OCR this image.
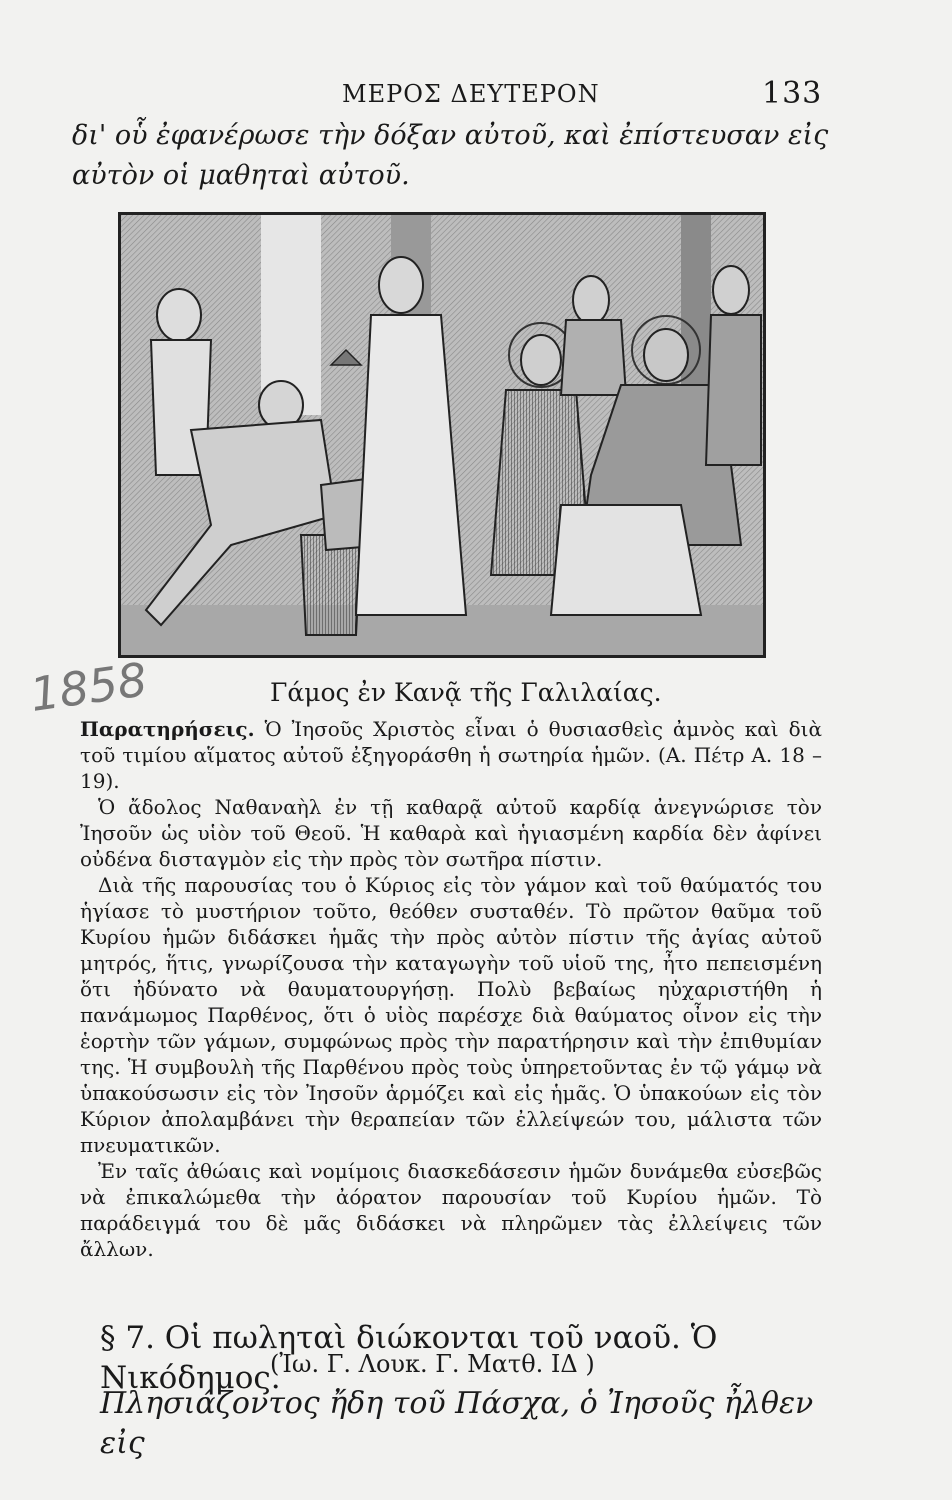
ΜΕΡΟΣ ΔΕΥΤΕΡΟΝ	133
δι' οὗ ἐφανέρωσε τὴν δόξαν αὐτοῦ, καὶ ἐπίστευσαν εἰς αὐτὸν οἱ μαθηταὶ αὐτοῦ.
1858	Γάμος ἐν Κανᾷ τῆς Γαλιλαίας.

Παρατηρήσεις. Ὁ Ἰησοῦς Χριστὸς εἶναι ὁ θυσιασθεὶς ἀμνὸς καὶ διὰ τοῦ τιμίου αἵματος αὐτοῦ ἐξηγοράσθη ἡ σωτηρία ἡμῶν. (Α. Πέτρ Α. 18 – 19).

Ὁ ἄδολος Ναθαναὴλ ἐν τῇ καθαρᾷ αὐτοῦ καρδίᾳ ἀνεγνώρισε τὸν Ἰησοῦν ὡς υἱὸν τοῦ Θεοῦ. Ἡ καθαρὰ καὶ ἡγιασμένη καρδία δὲν ἀφίνει οὐδένα δισταγμὸν εἰς τὴν πρὸς τὸν σωτῆρα πίστιν.

Διὰ τῆς παρουσίας του ὁ Κύριος εἰς τὸν γάμον καὶ τοῦ θαύματός του ἡγίασε τὸ μυστήριον τοῦτο, θεόθεν συσταθέν. Τὸ πρῶτον θαῦμα τοῦ Κυρίου ἡμῶν διδάσκει ἡμᾶς τὴν πρὸς αὐτὸν πίστιν τῆς ἁγίας αὐτοῦ μητρός, ἥτις, γνωρίζουσα τὴν καταγωγὴν τοῦ υἱοῦ της, ἦτο πεπεισμένη ὅτι ἠδύνατο νὰ θαυματουργήσῃ. Πολὺ βεβαίως ηὐχαριστήθη ἡ πανάμωμος Παρθένος, ὅτι ὁ υἱὸς παρέσχε διὰ θαύματος οἶνον εἰς τὴν ἑορτὴν τῶν γάμων, συμφώνως πρὸς τὴν παρατήρησιν καὶ τὴν ἐπιθυμίαν της. Ἡ συμβουλὴ τῆς Παρθένου πρὸς τοὺς ὑπηρετοῦντας ἐν τῷ γάμῳ νὰ ὑπακούσωσιν εἰς τὸν Ἰησοῦν ἁρμόζει καὶ εἰς ἡμᾶς. Ὁ ὑπακούων εἰς τὸν Κύριον ἀπολαμβάνει τὴν θεραπείαν τῶν ἐλλείψεών του, μάλιστα τῶν πνευματικῶν.

Ἐν ταῖς ἀθώαις καὶ νομίμοις διασκεδάσεσιν ἡμῶν δυνάμεθα εὐσεβῶς νὰ ἐπικαλώμεθα τὴν ἀόρατον παρουσίαν τοῦ Κυρίου ἡμῶν. Τὸ παράδειγμά του δὲ μᾶς διδάσκει νὰ πληρῶμεν τὰς ἐλλείψεις τῶν ἄλλων.

§ 7. Οἱ πωληταὶ διώκονται τοῦ ναοῦ. Ὁ Νικόδημος.
(Ἰω. Γ. Λουκ. Γ. Ματθ. ΙΔ )
Πλησιάζοντος ἤδη τοῦ Πάσχα, ὁ Ἰησοῦς ἦλθεν εἰς
